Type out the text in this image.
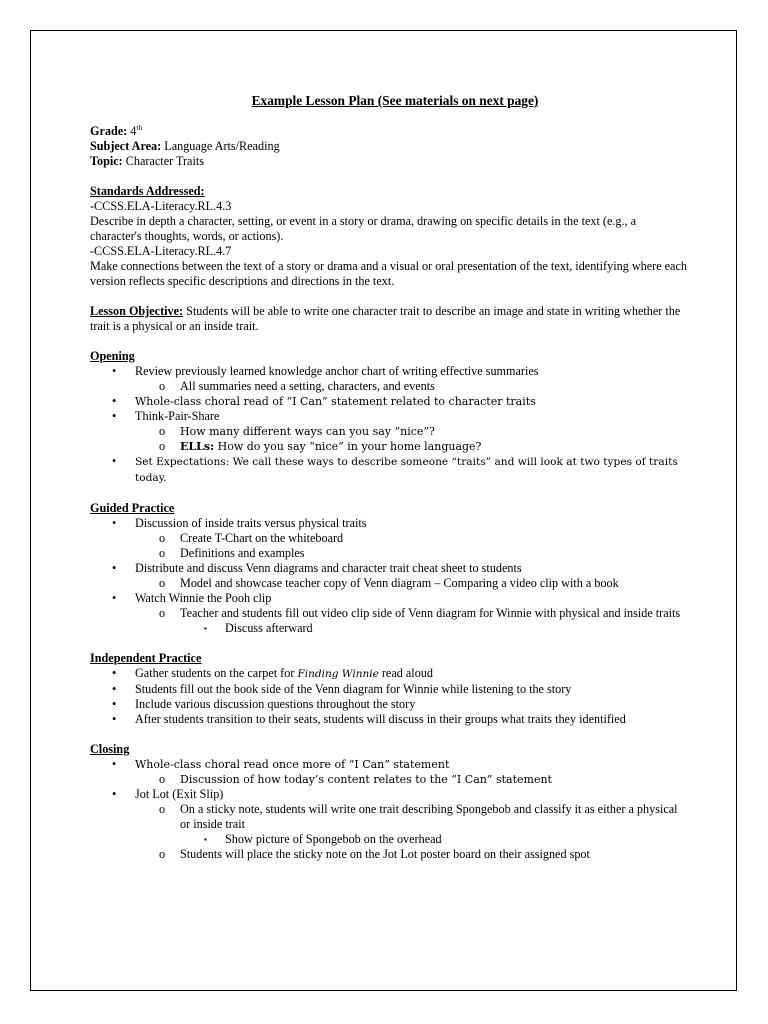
Example Lesson Plan (See materials on next page)
Grade: 4th
Subject Area: Language Arts/Reading
Topic: Character Traits
Standards Addressed:

-CCSS.ELA-Literacy.RL.4.3

Describe in depth a character, setting, or event in a story or drama, drawing on specific details in the text (e.g., a character's thoughts, words, or actions).

-CCSS.ELA-Literacy.RL.4.7

Make connections between the text of a story or drama and a visual or oral presentation of the text, identifying where each version reflects specific descriptions and directions in the text.

Lesson Objective: Students will be able to write one character trait to describe an image and state in writing whether the trait is a physical or an inside trait.

Opening
• Review previously learned knowledge anchor chart of writing effective summaries
o All summaries need a setting, characters, and events
• Whole-class choral read of “I Can” statement related to character traits
• Think-Pair-Share
o How many different ways can you say “nice”?
o ELLs: How do you say “nice” in your home language?
• Set Expectations: We call these ways to describe someone “traits” and will look at two types of traits today.
Guided Practice
• Discussion of inside traits versus physical traits
o Create T-Chart on the whiteboard
o Definitions and examples
• Distribute and discuss Venn diagrams and character trait cheat sheet to students
o Model and showcase teacher copy of Venn diagram – Comparing a video clip with a book
• Watch Winnie the Pooh clip
o Teacher and students fill out video clip side of Venn diagram for Winnie with physical and inside traits
▪ Discuss afterward
Independent Practice
• Gather students on the carpet for Finding Winnie read aloud
• Students fill out the book side of the Venn diagram for Winnie while listening to the story
• Include various discussion questions throughout the story
• After students transition to their seats, students will discuss in their groups what traits they identified
Closing
• Whole-class choral read once more of “I Can” statement
o Discussion of how today’s content relates to the “I Can” statement
• Jot Lot (Exit Slip)
o On a sticky note, students will write one trait describing Spongebob and classify it as either a physical or inside trait
▪ Show picture of Spongebob on the overhead
o Students will place the sticky note on the Jot Lot poster board on their assigned spot
